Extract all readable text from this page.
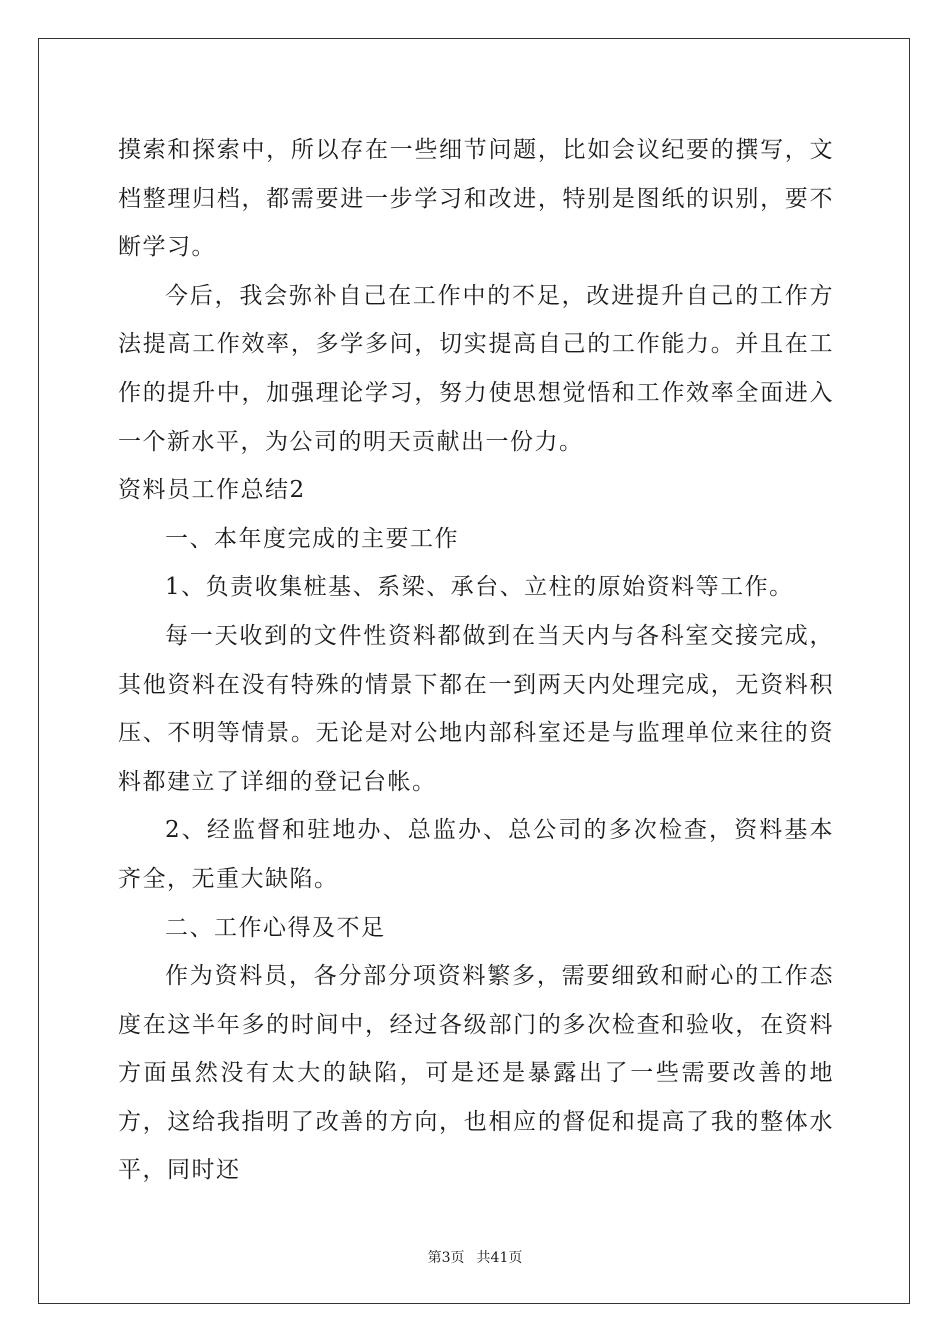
摸索和探索中，所以存在一些细节问题，比如会议纪要的撰写，文档整理归档，都需要进一步学习和改进，特别是图纸的识别，要不断学习。

今后，我会弥补自己在工作中的不足，改进提升自己的工作方法提高工作效率，多学多问，切实提高自己的工作能力。并且在工作的提升中，加强理论学习，努力使思想觉悟和工作效率全面进入一个新水平，为公司的明天贡献出一份力。

资料员工作总结2

一、本年度完成的主要工作

1、负责收集桩基、系梁、承台、立柱的原始资料等工作。

每一天收到的文件性资料都做到在当天内与各科室交接完成，其他资料在没有特殊的情景下都在一到两天内处理完成，无资料积压、不明等情景。无论是对公地内部科室还是与监理单位来往的资料都建立了详细的登记台帐。

2、经监督和驻地办、总监办、总公司的多次检查，资料基本齐全，无重大缺陷。

二、工作心得及不足

作为资料员，各分部分项资料繁多，需要细致和耐心的工作态度在这半年多的时间中，经过各级部门的多次检查和验收，在资料方面虽然没有太大的缺陷，可是还是暴露出了一些需要改善的地方，这给我指明了改善的方向，也相应的督促和提高了我的整体水平，同时还

第3页 共41页
